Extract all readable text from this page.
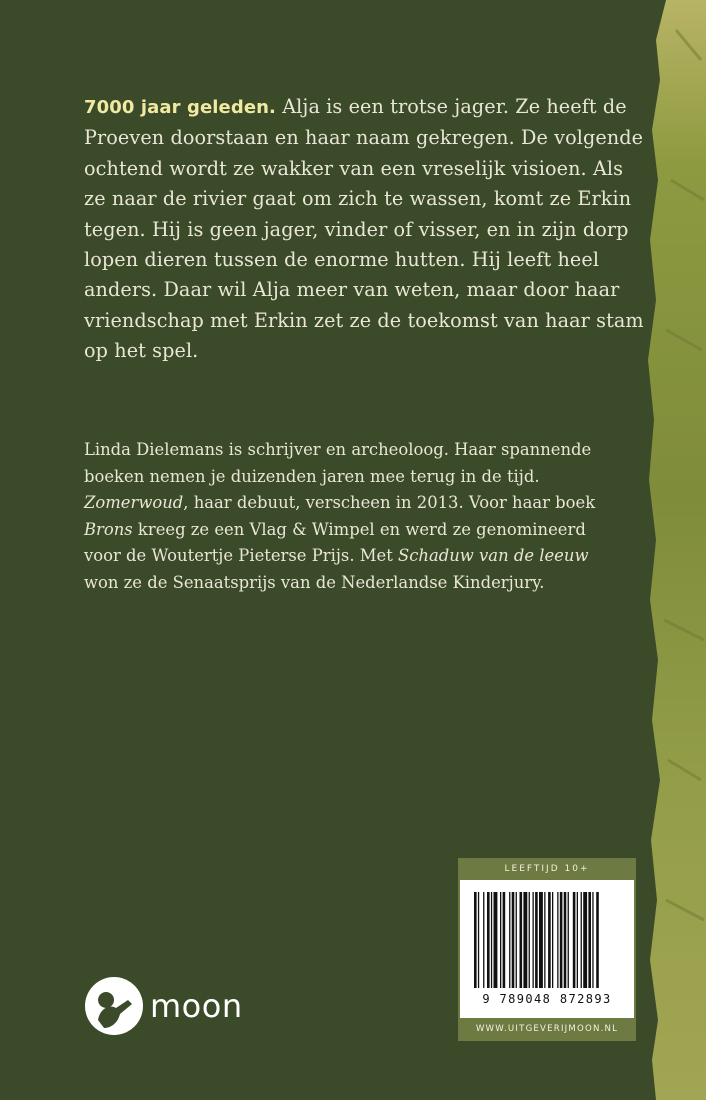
7000 jaar geleden. Alja is een trotse jager. Ze heeft de Proeven doorstaan en haar naam gekregen. De volgende ochtend wordt ze wakker van een vreselijk visioen. Als ze naar de rivier gaat om zich te wassen, komt ze Erkin tegen. Hij is geen jager, vinder of visser, en in zijn dorp lopen dieren tussen de enorme hutten. Hij leeft heel anders. Daar wil Alja meer van weten, maar door haar vriendschap met Erkin zet ze de toekomst van haar stam op het spel.
Linda Dielemans is schrijver en archeoloog. Haar spannende boeken nemen je duizenden jaren mee terug in de tijd. Zomerwoud, haar debuut, verscheen in 2013. Voor haar boek Brons kreeg ze een Vlag & Wimpel en werd ze genomineerd voor de Woutertje Pieterse Prijs. Met Schaduw van de leeuw won ze de Senaatsprijs van de Nederlandse Kinderjury.
moon
LEEFTIJD 10+
9 789048 872893
WWW.UITGEVERIJMOON.NL
